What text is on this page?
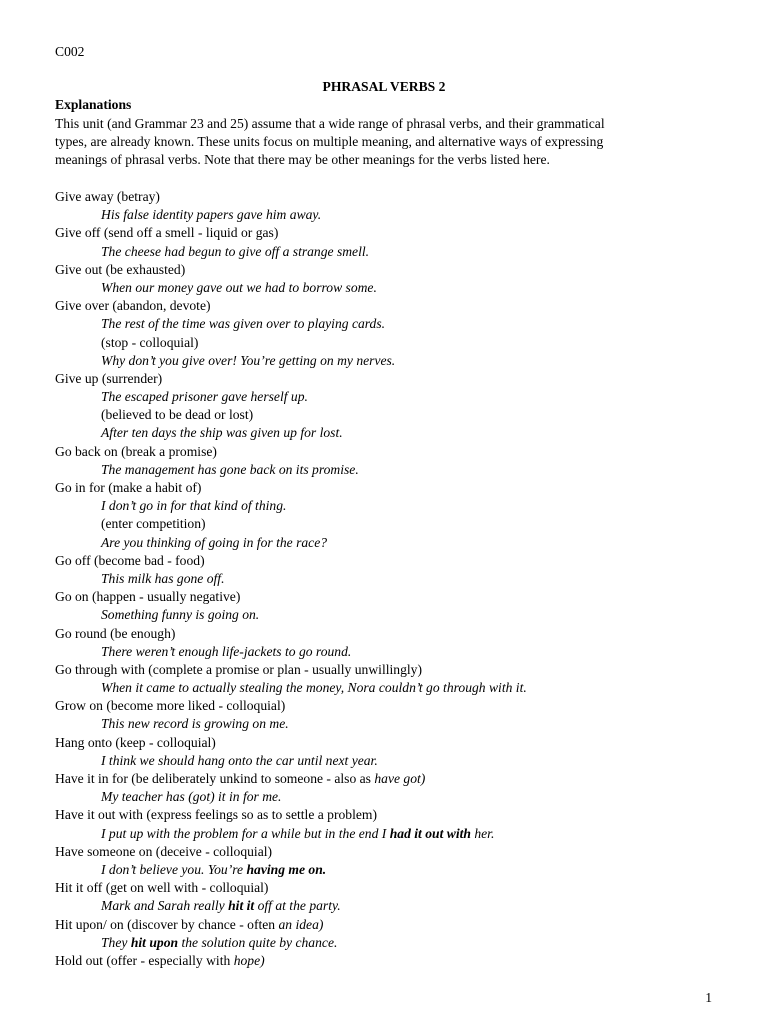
C002
PHRASAL VERBS 2
Explanations
This unit (and Grammar 23 and 25) assume that a wide range of phrasal verbs, and their grammatical
types, are already known. These units focus on multiple meaning, and alternative ways of expressing
meanings of phrasal verbs. Note that there may be other meanings for the verbs listed here.
Give away (betray)
His false identity papers gave him away.
Give off (send off a smell - liquid or gas)
The cheese had begun to give off a strange smell.
Give out (be exhausted)
When our money gave out we had to borrow some.
Give over (abandon, devote)
The rest of the time was given over to playing cards.
(stop - colloquial)
Why don’t you give over! You’re getting on my nerves.
Give up (surrender)
The escaped prisoner gave herself up.
(believed to be dead or lost)
After ten days the ship was given up for lost.
Go back on (break a promise)
The management has gone back on its promise.
Go in for (make a habit of)
I don’t go in for that kind of thing.
(enter competition)
Are you thinking of going in for the race?
Go off (become bad - food)
This milk has gone off.
Go on (happen - usually negative)
Something funny is going on.
Go round (be enough)
There weren’t enough life-jackets to go round.
Go through with (complete a promise or plan - usually unwillingly)
When it came to actually stealing the money, Nora couldn’t go through with it.
Grow on (become more liked - colloquial)
This new record is growing on me.
Hang onto (keep - colloquial)
I think we should hang onto the car until next year.
Have it in for (be deliberately unkind to someone - also as have got)
My teacher has (got) it in for me.
Have it out with (express feelings so as to settle a problem)
I put up with the problem for a while but in the end I had it out with her.
Have someone on (deceive - colloquial)
I don’t believe you. You’re having me on.
Hit it off (get on well with - colloquial)
Mark and Sarah really hit it off at the party.
Hit upon/ on (discover by chance - often an idea)
They hit upon the solution quite by chance.
Hold out (offer - especially with hope)
1
